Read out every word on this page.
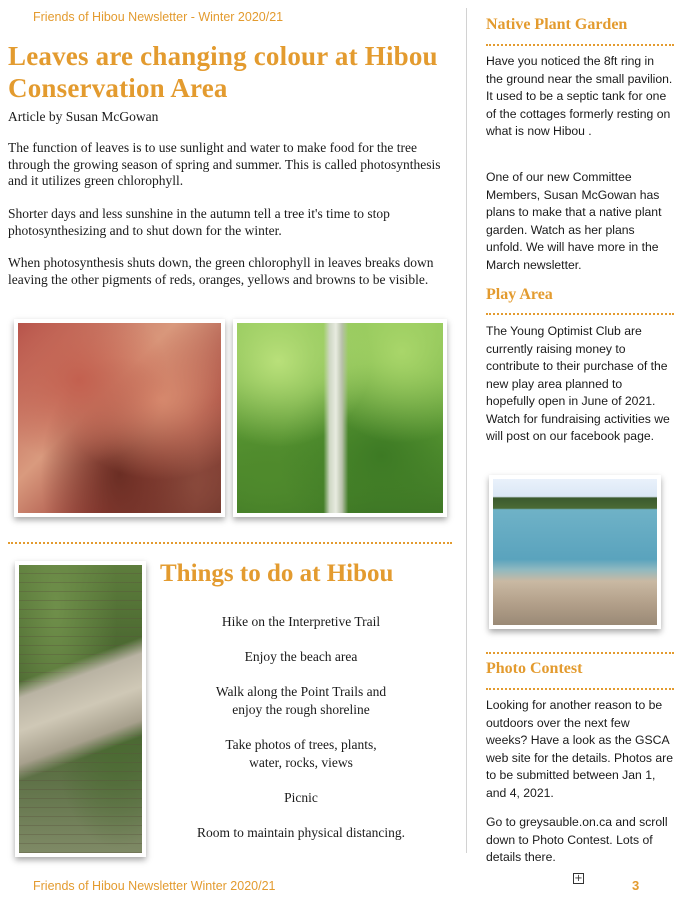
Friends of Hibou Newsletter - Winter 2020/21
Leaves are changing colour at Hibou Conservation Area
Article by Susan McGowan

The function of leaves is to use sunlight and water to make food for the tree through the growing season of spring and summer. This is called photosynthesis and it utilizes green chlorophyll.

Shorter days and less sunshine in the autumn tell a tree it's time to stop photosynthesizing and to shut down for the winter.

When photosynthesis shuts down, the green chlorophyll in leaves breaks down leaving the other pigments of reds, oranges, yellows and browns to be visible.

Things to do at Hibou
Hike on the Interpretive Trail
Enjoy the beach area
Walk along the Point Trails and enjoy the rough shoreline
Take photos of trees, plants, water, rocks, views
Picnic
Room to maintain physical distancing.
Native Plant Garden

Have you noticed the 8ft ring in the ground near the small pavilion. It used to be a septic tank for one of the cottages formerly resting on what is now Hibou .

One of our new Committee Members, Susan McGowan has plans to make that a native plant garden. Watch as her plans unfold. We will have more in the March newsletter.

Play Area

The Young Optimist Club are currently raising money to contribute to their purchase of the new play area planned to hopefully open in June of 2021. Watch for fundraising activities we will post on our facebook page.

Photo Contest

Looking for another reason to be outdoors over the next few weeks? Have a look as the GSCA web site for the details. Photos are to be submitted between Jan 1, and 4, 2021.

Go to greysauble.on.ca and scroll down to Photo Contest. Lots of details there.

Friends of Hibou Newsletter Winter 2020/21
+	3
